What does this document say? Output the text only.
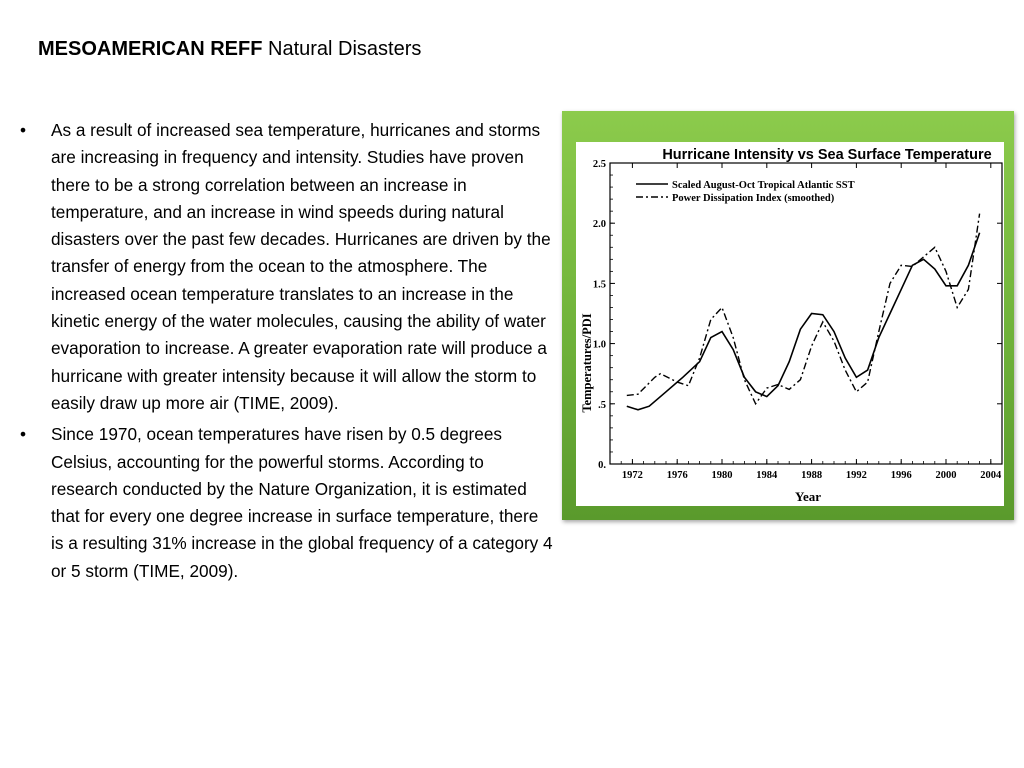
MESOAMERICAN REFF Natural Disasters
• As a result of increased sea temperature, hurricanes and storms are increasing in frequency and intensity. Studies have proven there to be a strong correlation between an increase in temperature, and an increase in wind speeds during natural disasters over the past few decades. Hurricanes are driven by the transfer of energy from the ocean to the atmosphere. The increased ocean temperature translates to an increase in the kinetic energy of the water molecules, causing the ability of water evaporation to increase. A greater evaporation rate will produce a hurricane with greater intensity because it will allow the storm to easily draw up more air (TIME, 2009).
• Since 1970, ocean temperatures have risen by 0.5 degrees Celsius, accounting for the powerful storms. According to research conducted by the Nature Organization, it is estimated that for every one degree increase in surface temperature, there is a resulting 31% increase in the global frequency of a category 4 or 5 storm (TIME, 2009).
Hurricane Intensity vs Sea Surface Temperature
0.
.5
1.0
1.5
2.0
2.5
1972 1976 1980 1984 1988 1992 1996 2000 2004
Scaled August-Oct Tropical Atlantic SST
Power Dissipation Index (smoothed)
Temperatures/PDI
Year
